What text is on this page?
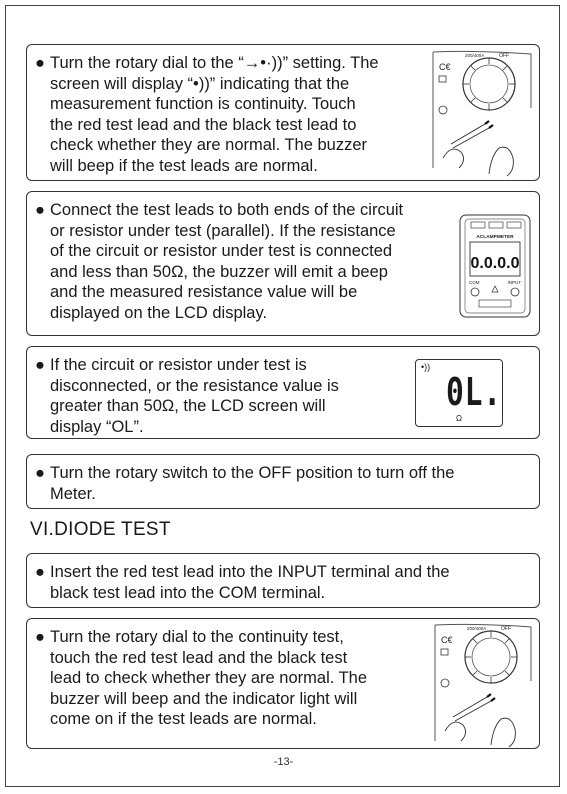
● Turn the rotary dial to the “→•·))” setting. The
screen will display “•))” indicating that the
measurement function is continuity. Touch
the red test lead and the black test lead to
check whether they are normal. The buzzer
will beep if the test leads are normal.
OFF
200/400A
C€
● Connect the test leads to both ends of the circuit
or resistor under test (parallel). If the resistance
of the circuit or resistor under test is connected
and less than 50Ω, the buzzer will emit a beep
and the measured resistance value will be
displayed on the LCD display.
ACLAMPMETER
0.0.0.0
COM	INPUT
● If the circuit or resistor under test is
disconnected, or the resistance value is
greater than 50Ω, the LCD screen will
display “OL”.
•))
0L.
Ω
● Turn the rotary switch to the OFF position to turn off the
Meter.
VI.DIODE TEST
● Insert the red test lead into the INPUT terminal and the
black test lead into the COM terminal.
● Turn the rotary dial to the continuity test,
touch the red test lead and the black test
lead to check whether they are normal. The
buzzer will beep and the indicator light will
come on if the test leads are normal.
OFF
200/400A
C€
-13-
